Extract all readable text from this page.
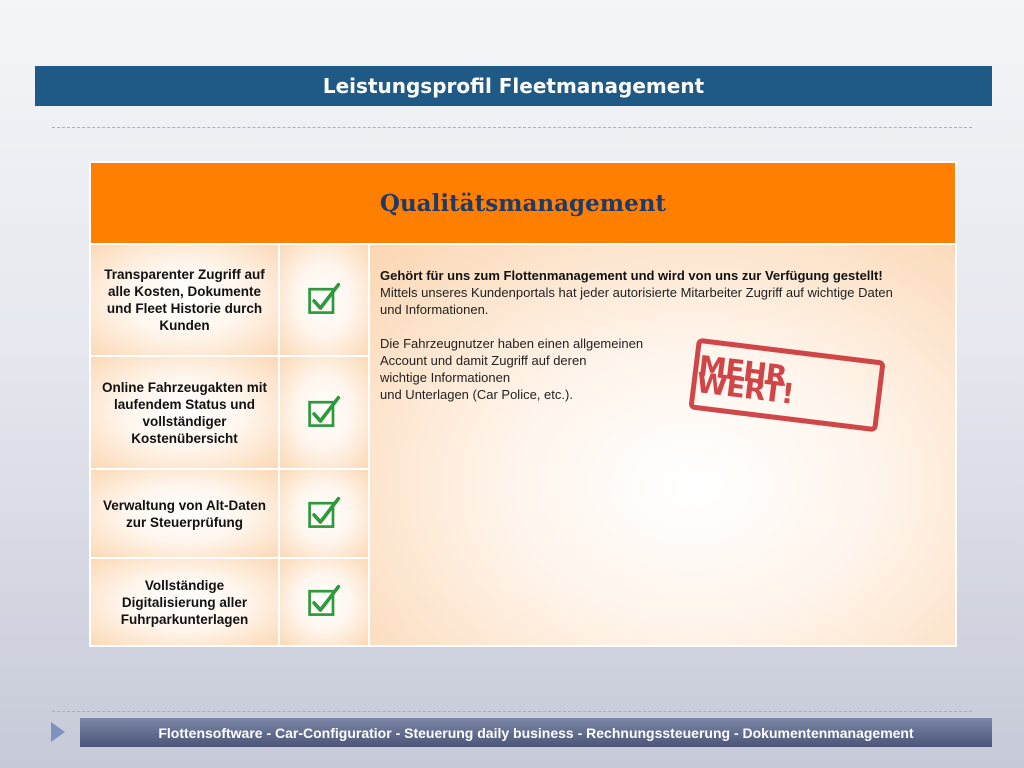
Leistungsprofil Fleetmanagement
Qualitätsmanagement
Transparenter Zugriff auf alle Kosten, Dokumente und Fleet Historie durch Kunden
Online Fahrzeugakten mit laufendem Status und vollständiger Kostenübersicht
Verwaltung von Alt-Daten zur Steuerprüfung
Vollständige Digitalisierung aller Fuhrparkunterlagen
Gehört für uns zum Flottenmanagement und wird von uns zur Verfügung gestellt!
Mittels unseres Kundenportals hat jeder autorisierte Mitarbeiter Zugriff auf wichtige Daten
und Informationen.
Die Fahrzeugnutzer haben einen allgemeinen
Account und damit Zugriff auf deren
wichtige Informationen
und Unterlagen (Car Police, etc.).
MEHR WERT!
Flottensoftware - Car-Configuratior - Steuerung daily business - Rechnungssteuerung - Dokumentenmanagement
